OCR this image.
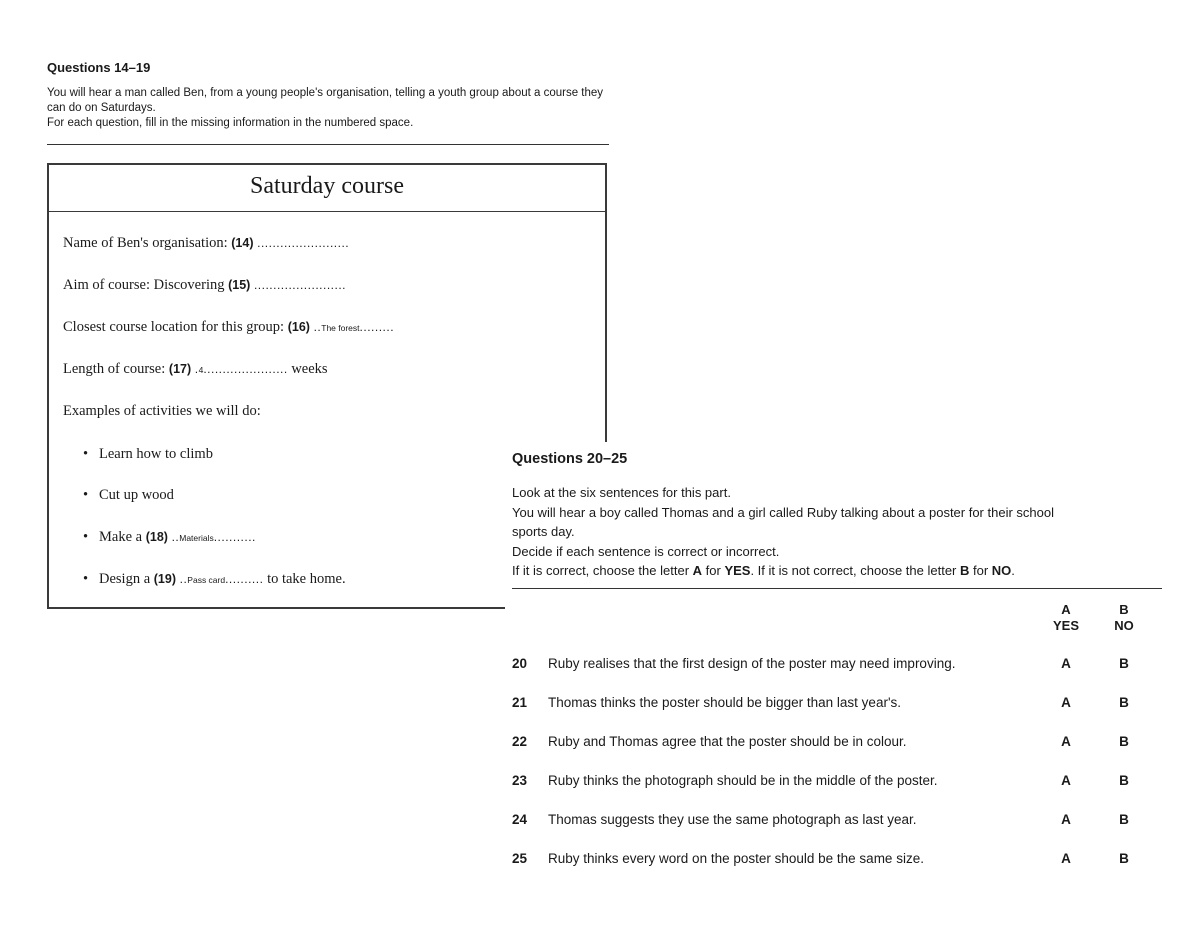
Questions 14–19
You will hear a man called Ben, from a young people's organisation, telling a youth group about a course they can do on Saturdays.
For each question, fill in the missing information in the numbered space.
Saturday course
Name of Ben's organisation: (14) ........................
Aim of course: Discovering (15) ........................
Closest course location for this group: (16) ..The forest.........
Length of course: (17) .4...................... weeks
Examples of activities we will do:
• Learn how to climb
• Cut up wood
• Make a (18) ..Materials...........
• Design a (19) ..Pass card.......... to take home.
Questions 20–25
Look at the six sentences for this part.
You will hear a boy called Thomas and a girl called Ruby talking about a poster for their school
sports day.
Decide if each sentence is correct or incorrect.
If it is correct, choose the letter A for YES. If it is not correct, choose the letter B for NO.
A
YES
B
NO
20 Ruby realises that the first design of the poster may need improving.	A	B
21 Thomas thinks the poster should be bigger than last year's.	A	B
22 Ruby and Thomas agree that the poster should be in colour.	A	B
23 Ruby thinks the photograph should be in the middle of the poster.	A	B
24 Thomas suggests they use the same photograph as last year.	A	B
25 Ruby thinks every word on the poster should be the same size.	A	B
